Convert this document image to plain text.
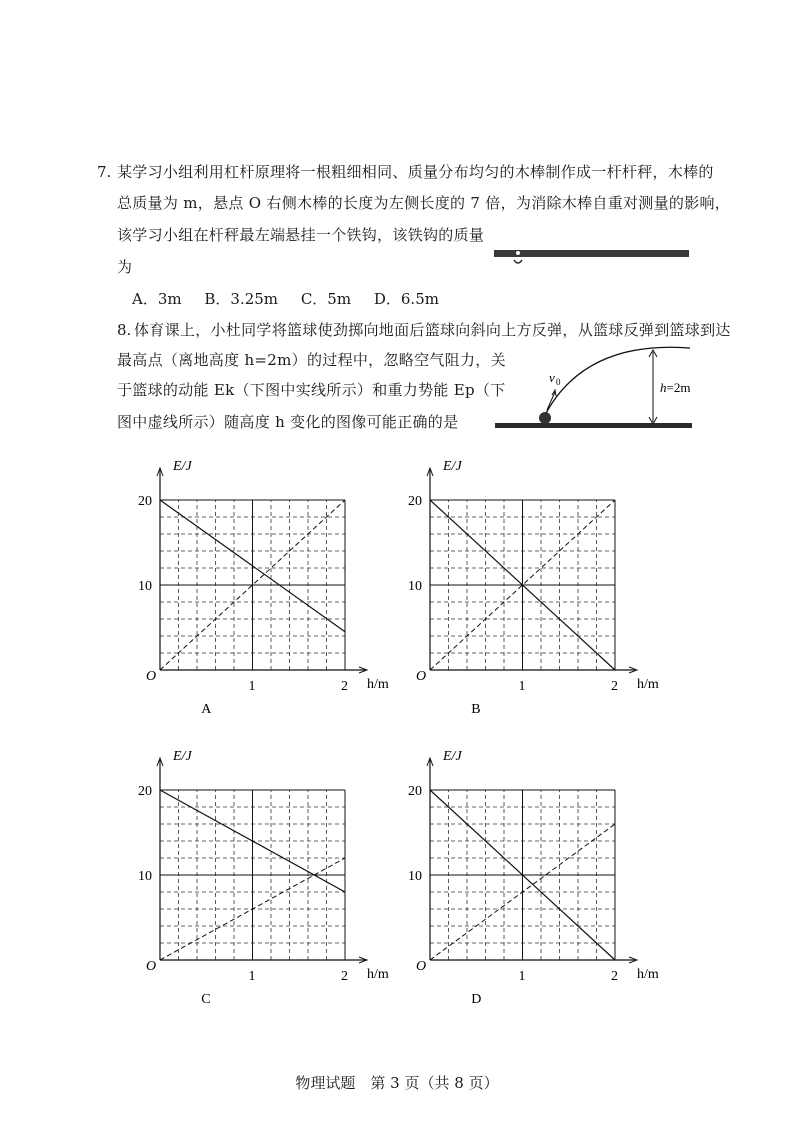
7. 某学习小组利用杠杆原理将一根粗细相同、质量分布均匀的木棒制作成一杆杆秤，木棒的
总质量为 m，悬点 O 右侧木棒的长度为左侧长度的 7 倍，为消除木棒自重对测量的影响，
该学习小组在杆秤最左端悬挂一个铁钩，该铁钩的质量
为
A．3m B．3.25m C．5m D．6.5m
8. 体育课上，小杜同学将篮球使劲掷向地面后篮球向斜向上方反弹，从篮球反弹到篮球到达
最高点（离地高度 h=2m）的过程中，忽略空气阻力，关
于篮球的动能 Ek（下图中实线所示）和重力势能 Ep（下
图中虚线所示）随高度 h 变化的图像可能正确的是
v 0	h=2m
E/J
h/m
O
1	2
10
20
A
E/J
h/m
O
1	2
10
20
B
E/J
h/m
O
1	2
10
20
C
E/J
h/m
O
1	2
10
20
D
物理试题　第 3 页（共 8 页）
